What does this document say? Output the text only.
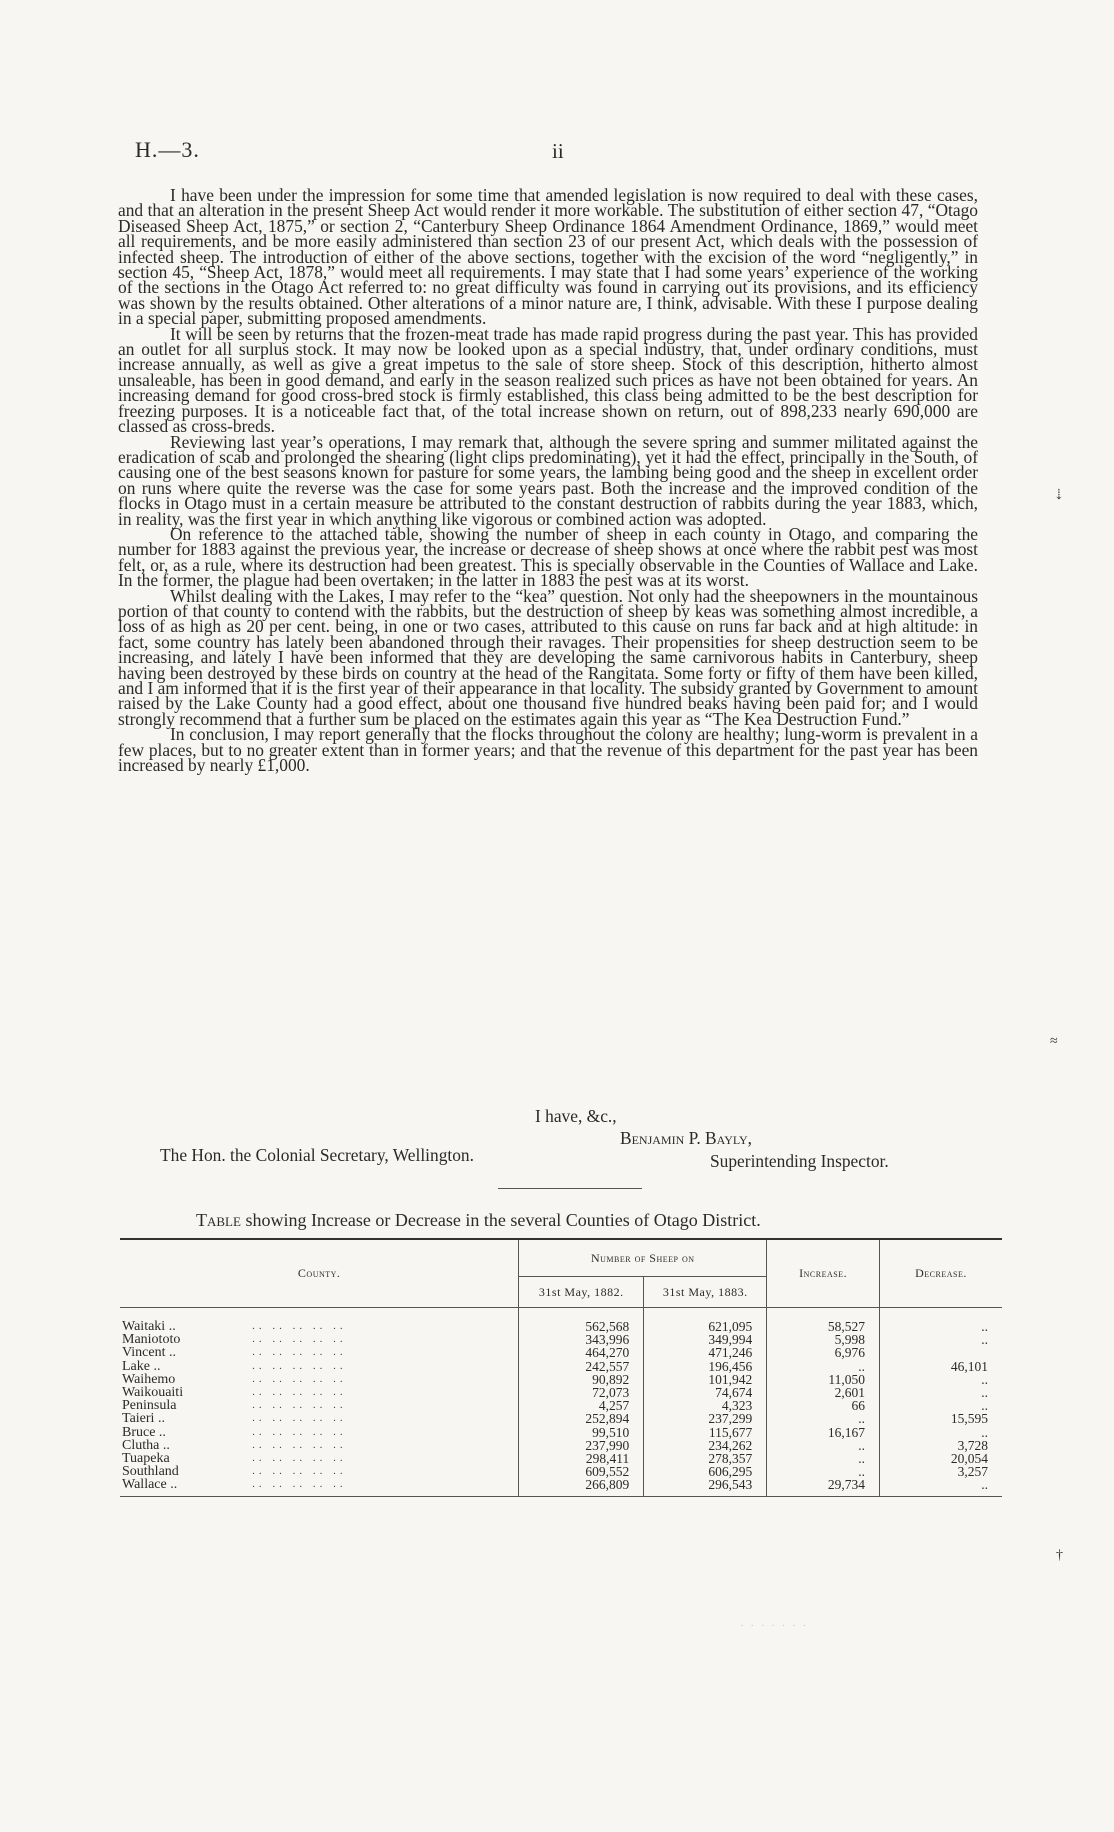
H.—3.	ii

I have been under the impression for some time that amended legislation is now required to deal with these cases, and that an alteration in the present Sheep Act would render it more workable. The substitution of either section 47, “Otago Diseased Sheep Act, 1875,” or section 2, “Canterbury Sheep Ordinance 1864 Amendment Ordinance, 1869,” would meet all requirements, and be more easily administered than section 23 of our present Act, which deals with the possession of infected sheep. The introduction of either of the above sections, together with the excision of the word “negligently,” in section 45, “Sheep Act, 1878,” would meet all requirements. I may state that I had some years’ experience of the working of the sections in the Otago Act referred to: no great difficulty was found in carrying out its provisions, and its efficiency was shown by the results obtained. Other alterations of a minor nature are, I think, advisable. With these I purpose dealing in a special paper, submitting proposed amendments.

It will be seen by returns that the frozen-meat trade has made rapid progress during the past year. This has provided an outlet for all surplus stock. It may now be looked upon as a special industry, that, under ordinary conditions, must increase annually, as well as give a great impetus to the sale of store sheep. Stock of this description, hitherto almost unsaleable, has been in good demand, and early in the season realized such prices as have not been obtained for years. An increasing demand for good cross-bred stock is firmly established, this class being admitted to be the best description for freezing purposes. It is a noticeable fact that, of the total increase shown on return, out of 898,233 nearly 690,000 are classed as cross-breds.

Reviewing last year’s operations, I may remark that, although the severe spring and summer militated against the eradication of scab and prolonged the shearing (light clips predominating), yet it had the effect, principally in the South, of causing one of the best seasons known for pasture for some years, the lambing being good and the sheep in excellent order on runs where quite the reverse was the case for some years past. Both the increase and the improved condition of the flocks in Otago must in a certain measure be attributed to the constant destruction of rabbits during the year 1883, which, in reality, was the first year in which anything like vigorous or combined action was adopted.

On reference to the attached table, showing the number of sheep in each county in Otago, and comparing the number for 1883 against the previous year, the increase or decrease of sheep shows at once where the rabbit pest was most felt, or, as a rule, where its destruction had been greatest. This is specially observable in the Counties of Wallace and Lake. In the former, the plague had been overtaken; in the latter in 1883 the pest was at its worst.

Whilst dealing with the Lakes, I may refer to the “kea” question. Not only had the sheepowners in the mountainous portion of that county to contend with the rabbits, but the destruction of sheep by keas was something almost incredible, a loss of as high as 20 per cent. being, in one or two cases, attributed to this cause on runs far back and at high altitude: in fact, some country has lately been abandoned through their ravages. Their propensities for sheep destruction seem to be increasing, and lately I have been informed that they are developing the same carnivorous habits in Canterbury, sheep having been destroyed by these birds on country at the head of the Rangitata. Some forty or fifty of them have been killed, and I am informed that it is the first year of their appearance in that locality. The subsidy granted by Government to amount raised by the Lake County had a good effect, about one thousand five hundred beaks having been paid for; and I would strongly recommend that a further sum be placed on the estimates again this year as “The Kea Destruction Fund.”

In conclusion, I may report generally that the flocks throughout the colony are healthy; lung-worm is prevalent in a few places, but to no greater extent than in former years; and that the revenue of this department for the past year has been increased by nearly £1,000.

I have, &c.,
Benjamin P. Bayly,
The Hon. the Colonial Secretary, Wellington.	Superintending Inspector.
Table showing Increase or Decrease in the several Counties of Otago District.
County.		Number of Sheep on		Increase.	Decrease.
		31st May, 1882.	31st May, 1883.		

Waitaki ..	.. .. .. .. ..	562,568	621,095	58,527	..
Maniototo	.. .. .. .. ..	343,996	349,994	5,998	..
Vincent ..	.. .. .. .. ..	464,270	471,246	6,976	
Lake ..	.. .. .. .. ..	242,557	196,456	..	46,101
Waihemo	.. .. .. .. ..	90,892	101,942	11,050	..
Waikouaiti	.. .. .. .. ..	72,073	74,674	2,601	..
Peninsula	.. .. .. .. ..	4,257	4,323	66	..
Taieri ..	.. .. .. .. ..	252,894	237,299	..	15,595
Bruce ..	.. .. .. .. ..	99,510	115,677	16,167	..
Clutha ..	.. .. .. .. ..	237,990	234,262	..	3,728
Tuapeka	.. .. .. .. ..	298,411	278,357	..	20,054
Southland	.. .. .. .. ..	609,552	606,295	..	3,257
Wallace ..	.. .. .. .. ..	266,809	296,543	29,734	..

⇣
≈
†
· · · · · · ·
